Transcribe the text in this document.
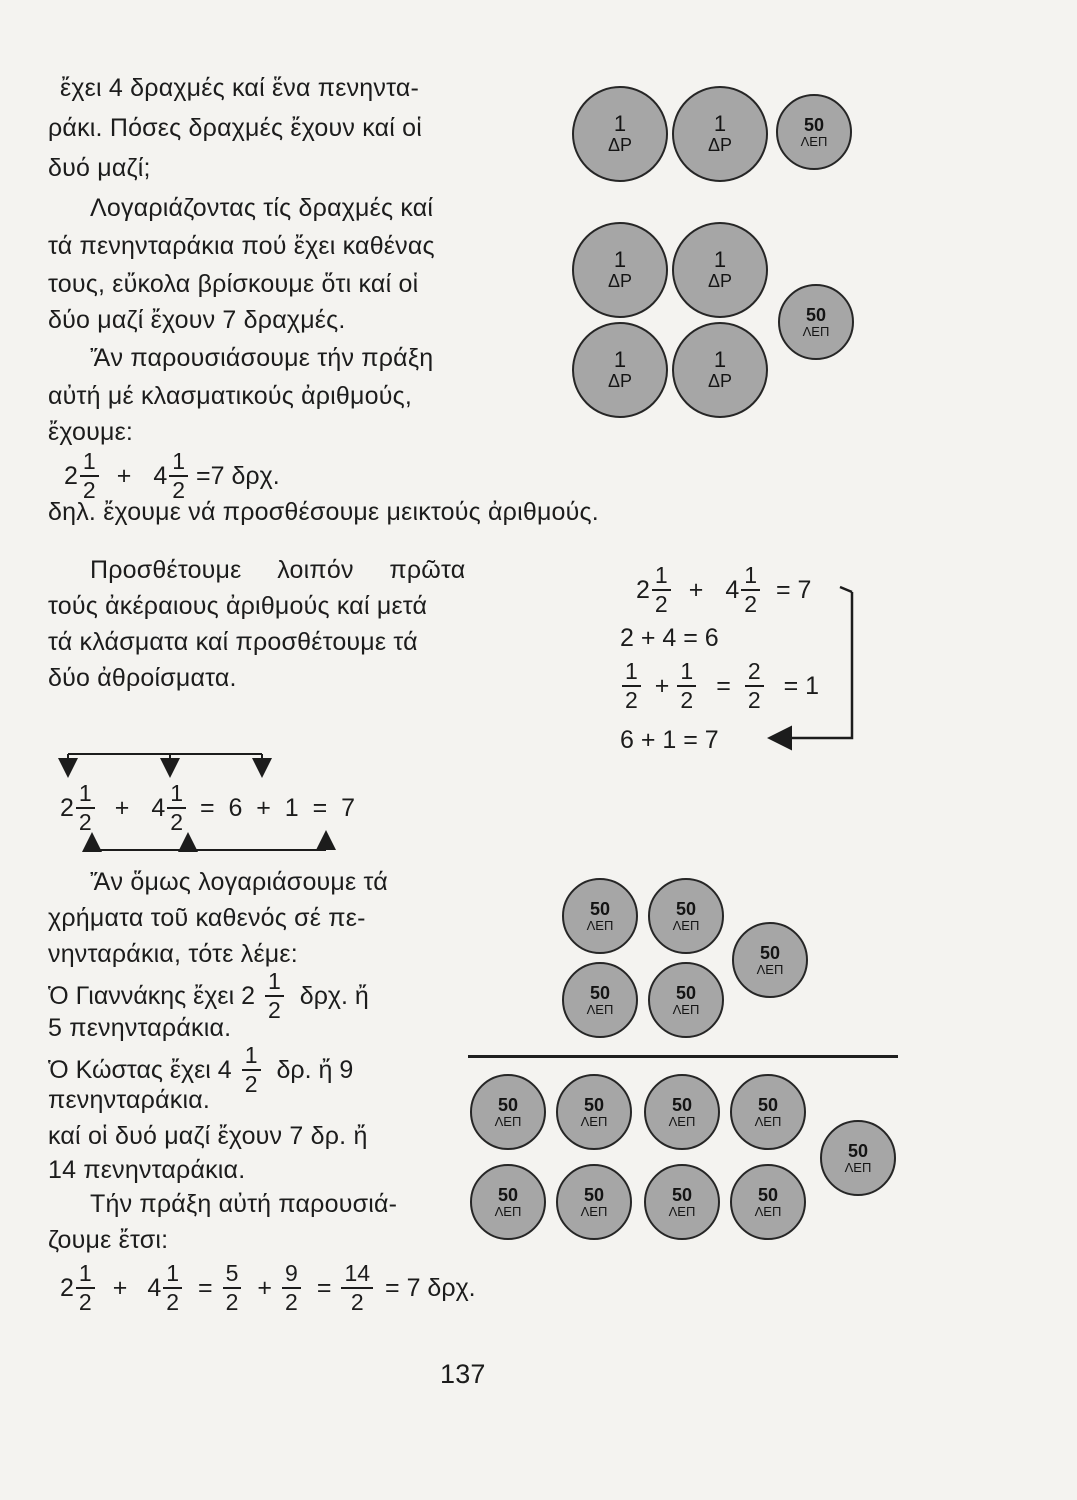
ἔχει 4 δραχμές καί ἕνα πενηντα-
ράκι. Πόσες δραχμές ἔχουν καί οἱ
δυό μαζί;
Λογαριάζοντας τίς δραχμές καί
τά πενηνταράκια πού ἔχει καθένας
τους, εὔκολα βρίσκουμε ὅτι καί οἱ
δύο μαζί ἔχουν 7 δραχμές.
Ἄν παρουσιάσουμε τήν πράξη
αὐτή μέ κλασματικούς ἀριθμούς,
ἔχουμε:
$2 \frac{1}{2} + 4 \frac{1}{2} =7$ δρχ.
δηλ. ἔχουμε νά προσθέσουμε μεικτούς ἀριθμούς.
Προσθέτουμε     λοιπόν     πρῶτα
τούς ἀκέραιους ἀριθμούς καί μετά
τά κλάσματα καί προσθέτουμε τά
δύο ἀθροίσματα.
$2 \frac{1}{2} + 4 \frac{1}{2} = 7$
2 + 4 = 6
$\frac{1}{2} + \frac{1}{2} = \frac{2}{2} = 1$
6 + 1 = 7
$2 \frac{1}{2} + 4 \frac{1}{2} = 6 + 1 = 7$
Ἄν ὅμως λογαριάσουμε τά
χρήματα τοῦ καθενός σέ πε-
νηνταράκια, τότε λέμε:
Ὁ Γιαννάκης ἔχει $2 \frac{1}{2} \delta\rho\chi$. ἤ
5 πενηνταράκια.
Ὁ Κώστας ἔχει $4 \frac{1}{2} \delta\rho$. ἤ 9
πενηνταράκια.
καί οἱ δυό μαζί ἔχουν 7 δρ. ἤ
14 πενηνταράκια.
Τήν πράξη αὐτή παρουσιά-
ζουμε ἔτσι:
$2 \frac{1}{2} + 4 \frac{1}{2} = \frac{5}{2} + \frac{9}{2} = \frac{14}{2} = 7$ δρχ.
137
1
ΔΡ
1
ΔΡ
50
ΛΕΠ
1
ΔΡ
1
ΔΡ
50
ΛΕΠ
1
ΔΡ
1
ΔΡ
50
ΛΕΠ
50
ΛΕΠ
50
ΛΕΠ
50
ΛΕΠ
50
ΛΕΠ
50
ΛΕΠ
50
ΛΕΠ
50
ΛΕΠ
50
ΛΕΠ
50
ΛΕΠ
50
ΛΕΠ
50
ΛΕΠ
50
ΛΕΠ
50
ΛΕΠ
